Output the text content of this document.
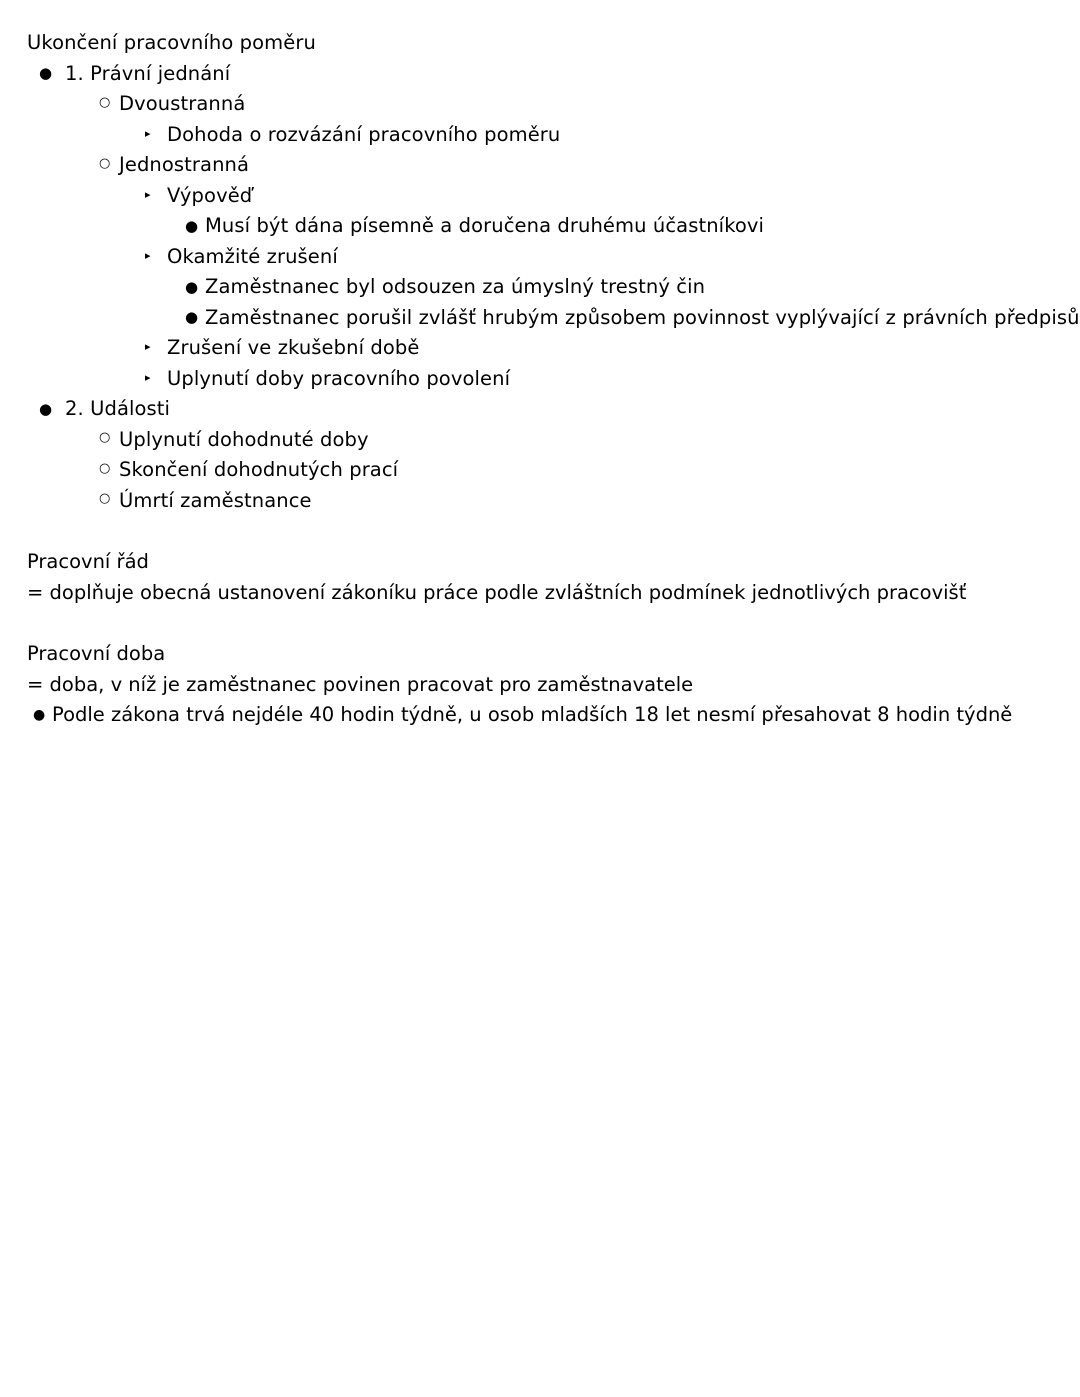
Ukončení pracovního poměru
● 1. Právní jednání
○ Dvoustranná
▸ Dohoda o rozvázání pracovního poměru
○ Jednostranná
▸ Výpověď
● Musí být dána písemně a doručena druhému účastníkovi
▸ Okamžité zrušení
● Zaměstnanec byl odsouzen za úmyslný trestný čin
● Zaměstnanec porušil zvlášť hrubým způsobem povinnost vyplývající z právních předpisů
▸ Zrušení ve zkušební době
▸ Uplynutí doby pracovního povolení
● 2. Události
○ Uplynutí dohodnuté doby
○ Skončení dohodnutých prací
○ Úmrtí zaměstnance
Pracovní řád
= doplňuje obecná ustanovení zákoníku práce podle zvláštních podmínek jednotlivých pracovišť
Pracovní doba
= doba, v níž je zaměstnanec povinen pracovat pro zaměstnavatele
● Podle zákona trvá nejdéle 40 hodin týdně, u osob mladších 18 let nesmí přesahovat 8 hodin týdně
